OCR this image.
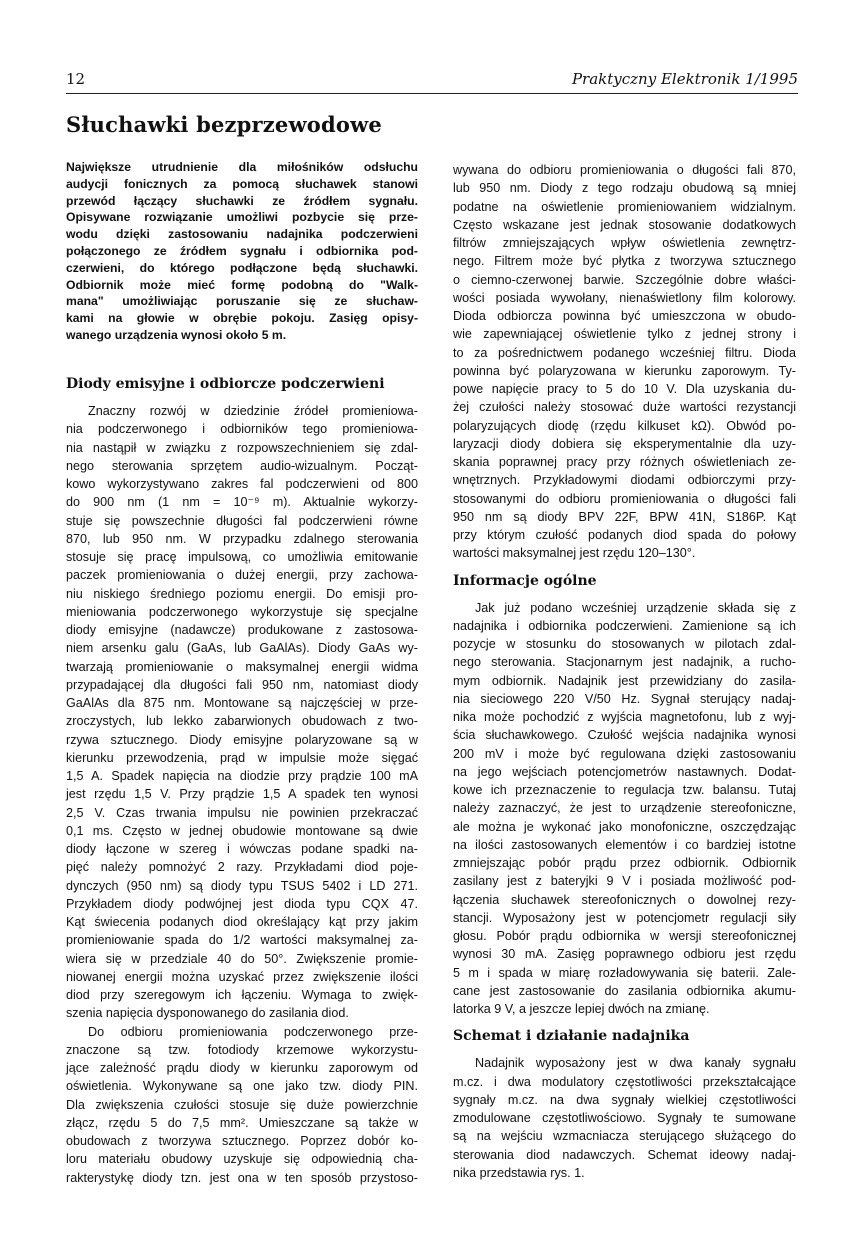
12	Praktyczny Elektronik 1/1995
Słuchawki bezprzewodowe
Największe utrudnienie dla miłośników odsłuchu
audycji fonicznych za pomocą słuchawek stanowi
przewód łączący słuchawki ze źródłem sygnału.
Opisywane rozwiązanie umożliwi pozbycie się prze-
wodu dzięki zastosowaniu nadajnika podczerwieni
połączonego ze źródłem sygnału i odbiornika pod-
czerwieni, do którego podłączone będą słuchawki.
Odbiornik może mieć formę podobną do "Walk-
mana" umożliwiając poruszanie się ze słuchaw-
kami na głowie w obrębie pokoju. Zasięg opisy-
wanego urządzenia wynosi około 5 m.
Diody emisyjne i odbiorcze podczerwieni
Znaczny rozwój w dziedzinie źródeł promieniowa-
nia podczerwonego i odbiorników tego promieniowa-
nia nastąpił w związku z rozpowszechnieniem się zdal-
nego sterowania sprzętem audio-wizualnym. Począt-
kowo wykorzystywano zakres fal podczerwieni od 800
do 900 nm (1 nm = 10⁻⁹ m). Aktualnie wykorzy-
stuje się powszechnie długości fal podczerwieni równe
870, lub 950 nm. W przypadku zdalnego sterowania
stosuje się pracę impulsową, co umożliwia emitowanie
paczek promieniowania o dużej energii, przy zachowa-
niu niskiego średniego poziomu energii. Do emisji pro-
mieniowania podczerwonego wykorzystuje się specjalne
diody emisyjne (nadawcze) produkowane z zastosowa-
niem arsenku galu (GaAs, lub GaAlAs). Diody GaAs wy-
twarzają promieniowanie o maksymalnej energii widma
przypadającej dla długości fali 950 nm, natomiast diody
GaAlAs dla 875 nm. Montowane są najczęściej w prze-
zroczystych, lub lekko zabarwionych obudowach z two-
rzywa sztucznego. Diody emisyjne polaryzowane są w
kierunku przewodzenia, prąd w impulsie może sięgać
1,5 A. Spadek napięcia na diodzie przy prądzie 100 mA
jest rzędu 1,5 V. Przy prądzie 1,5 A spadek ten wynosi
2,5 V. Czas trwania impulsu nie powinien przekraczać
0,1 ms. Często w jednej obudowie montowane są dwie
diody łączone w szereg i wówczas podane spadki na-
pięć należy pomnożyć 2 razy. Przykładami diod poje-
dynczych (950 nm) są diody typu TSUS 5402 i LD 271.
Przykładem diody podwójnej jest dioda typu CQX 47.
Kąt świecenia podanych diod określający kąt przy jakim
promieniowanie spada do 1/2 wartości maksymalnej za-
wiera się w przedziale 40 do 50°. Zwiększenie promie-
niowanej energii można uzyskać przez zwiększenie ilości
diod przy szeregowym ich łączeniu. Wymaga to zwięk-
szenia napięcia dysponowanego do zasilania diod.
Do odbioru promieniowania podczerwonego prze-
znaczone są tzw. fotodiody krzemowe wykorzystu-
jące zależność prądu diody w kierunku zaporowym od
oświetlenia. Wykonywane są one jako tzw. diody PIN.
Dla zwiększenia czułości stosuje się duże powierzchnie
złącz, rzędu 5 do 7,5 mm². Umieszczane są także w
obudowach z tworzywa sztucznego. Poprzez dobór ko-
loru materiału obudowy uzyskuje się odpowiednią cha-
rakterystykę diody tzn. jest ona w ten sposób przystoso-
wywana do odbioru promieniowania o długości fali 870,
lub 950 nm. Diody z tego rodzaju obudową są mniej
podatne na oświetlenie promieniowaniem widzialnym.
Często wskazane jest jednak stosowanie dodatkowych
filtrów zmniejszających wpływ oświetlenia zewnętrz-
nego. Filtrem może być płytka z tworzywa sztucznego
o ciemno-czerwonej barwie. Szczególnie dobre właści-
wości posiada wywołany, nienaświetlony film kolorowy.
Dioda odbiorcza powinna być umieszczona w obudo-
wie zapewniającej oświetlenie tylko z jednej strony i
to za pośrednictwem podanego wcześniej filtru. Dioda
powinna być polaryzowana w kierunku zaporowym. Ty-
powe napięcie pracy to 5 do 10 V. Dla uzyskania du-
żej czułości należy stosować duże wartości rezystancji
polaryzujących diodę (rzędu kilkuset kΩ). Obwód po-
laryzacji diody dobiera się eksperymentalnie dla uzy-
skania poprawnej pracy przy różnych oświetleniach ze-
wnętrznych. Przykładowymi diodami odbiorczymi przy-
stosowanymi do odbioru promieniowania o długości fali
950 nm są diody BPV 22F, BPW 41N, S186P. Kąt
przy którym czułość podanych diod spada do połowy
wartości maksymalnej jest rzędu 120–130°.
Informacje ogólne
Jak już podano wcześniej urządzenie składa się z
nadajnika i odbiornika podczerwieni. Zamienione są ich
pozycje w stosunku do stosowanych w pilotach zdal-
nego sterowania. Stacjonarnym jest nadajnik, a rucho-
mym odbiornik. Nadajnik jest przewidziany do zasila-
nia sieciowego 220 V/50 Hz. Sygnał sterujący nadaj-
nika może pochodzić z wyjścia magnetofonu, lub z wyj-
ścia słuchawkowego. Czułość wejścia nadajnika wynosi
200 mV i może być regulowana dzięki zastosowaniu
na jego wejściach potencjometrów nastawnych. Dodat-
kowe ich przeznaczenie to regulacja tzw. balansu. Tutaj
należy zaznaczyć, że jest to urządzenie stereofoniczne,
ale można je wykonać jako monofoniczne, oszczędzając
na ilości zastosowanych elementów i co bardziej istotne
zmniejszając pobór prądu przez odbiornik. Odbiornik
zasilany jest z bateryjki 9 V i posiada możliwość pod-
łączenia słuchawek stereofonicznych o dowolnej rezy-
stancji. Wyposażony jest w potencjometr regulacji siły
głosu. Pobór prądu odbiornika w wersji stereofonicznej
wynosi 30 mA. Zasięg poprawnego odbioru jest rzędu
5 m i spada w miarę rozładowywania się baterii. Zale-
cane jest zastosowanie do zasilania odbiornika akumu-
latorka 9 V, a jeszcze lepiej dwóch na zmianę.
Schemat i działanie nadajnika
Nadajnik wyposażony jest w dwa kanały sygnału
m.cz. i dwa modulatory częstotliwości przekształcające
sygnały m.cz. na dwa sygnały wielkiej częstotliwości
zmodulowane częstotliwościowo. Sygnały te sumowane
są na wejściu wzmacniacza sterującego służącego do
sterowania diod nadawczych. Schemat ideowy nadaj-
nika przedstawia rys. 1.
